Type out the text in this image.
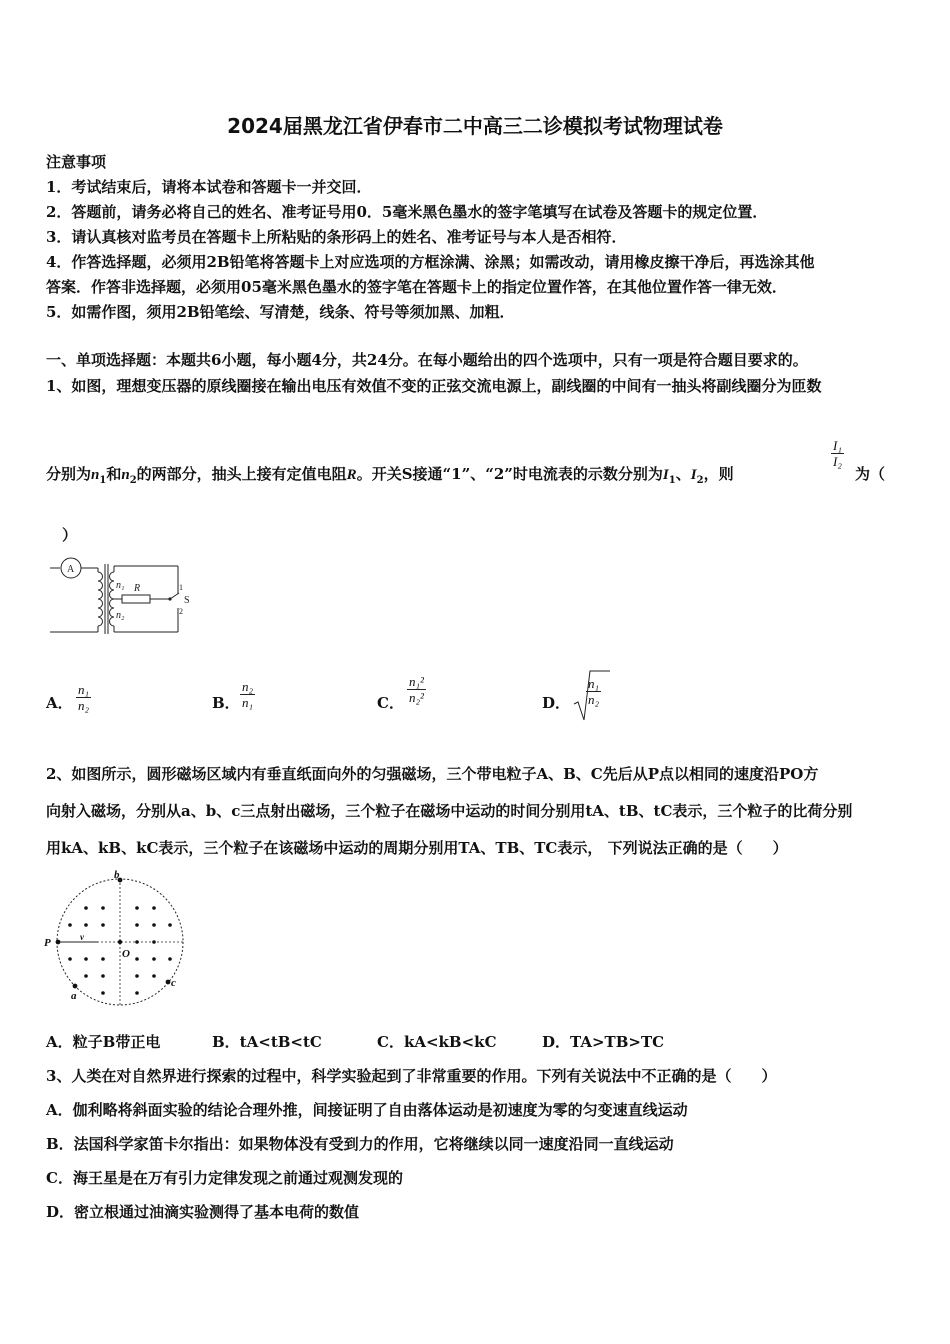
2024届黑龙江省伊春市二中高三二诊模拟考试物理试卷
注意事项
1．考试结束后，请将本试卷和答题卡一并交回．
2．答题前，请务必将自己的姓名、准考证号用0．5毫米黑色墨水的签字笔填写在试卷及答题卡的规定位置．
3．请认真核对监考员在答题卡上所粘贴的条形码上的姓名、准考证号与本人是否相符．
4．作答选择题，必须用2B铅笔将答题卡上对应选项的方框涂满、涂黑；如需改动，请用橡皮擦干净后，再选涂其他
答案．作答非选择题，必须用05毫米黑色墨水的签字笔在答题卡上的指定位置作答，在其他位置作答一律无效．
5．如需作图，须用2B铅笔绘、写清楚，线条、符号等须加黑、加粗．
一、单项选择题：本题共6小题，每小题4分，共24分。在每小题给出的四个选项中，只有一项是符合题目要求的。
1、如图，理想变压器的原线圈接在输出电压有效值不变的正弦交流电源上，副线圈的中间有一抽头将副线圈分为匝数
分别为$n_1$和$n_2$的两部分，抽头上接有定值电阻R。开关S接通“1”、“2”时电流表的示数分别为$I_1$、$I_2$，则
$\frac{\text{I₁}}{\text{I₂}}$
为（
）
A
R
n₁
n₂
S
1
2
A． $\frac{\text{n₁}}{\text{n₂}}$	B． $\frac{\text{n₂}}{\text{n₁}}$	C． $\frac{\text{n₁²}}{\text{n₂²}}$	D． $\frac{\text{n₁}}{\text{n₂}}$
2、如图所示，圆形磁场区域内有垂直纸面向外的匀强磁场，三个带电粒子A、B、C先后从P点以相同的速度沿PO方
向射入磁场，分别从a、b、c三点射出磁场，三个粒子在磁场中运动的时间分别用tA、tB、tC表示，三个粒子的比荷分别
用kA、kB、kC表示，三个粒子在该磁场中运动的周期分别用TA、TB、TC表示， 下列说法正确的是（　　）
P
b
O
a
c
v
A．粒子B带正电	B．tA<tB<tC	C．kA<kB<kC	D．TA>TB>TC
3、人类在对自然界进行探索的过程中，科学实验起到了非常重要的作用。下列有关说法中不正确的是（　　）
A．伽利略将斜面实验的结论合理外推，间接证明了自由落体运动是初速度为零的匀变速直线运动
B．法国科学家笛卡尔指出：如果物体没有受到力的作用，它将继续以同一速度沿同一直线运动
C．海王星是在万有引力定律发现之前通过观测发现的
D．密立根通过油滴实验测得了基本电荷的数值
